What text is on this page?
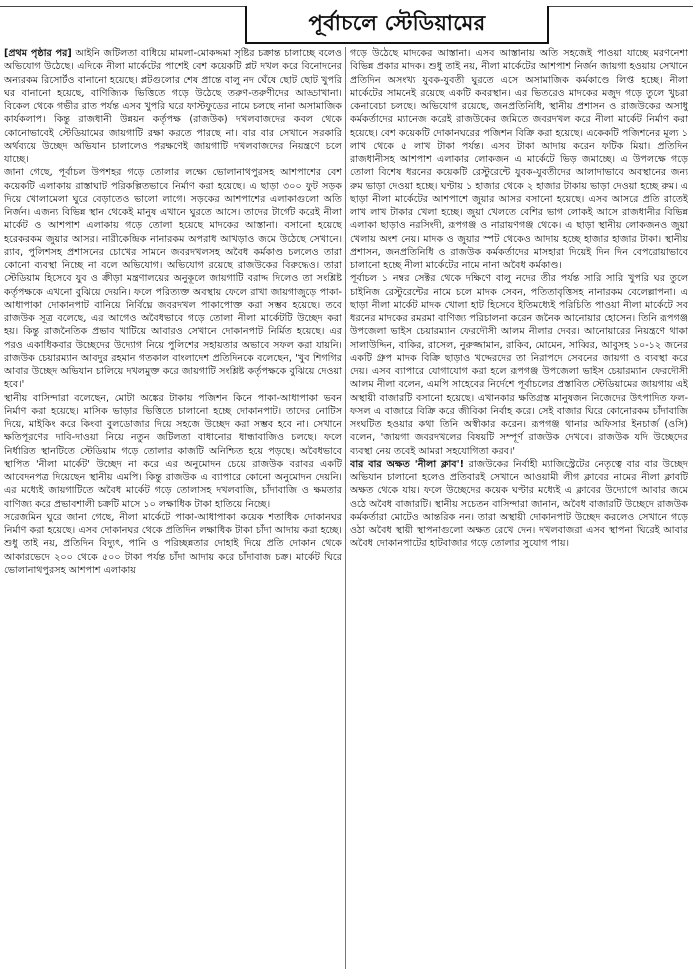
পূর্বাচলে স্টেডিয়ামের

[প্রথম পৃষ্ঠার পর] আইনি জটিলতা বাধিয়ে মামলা-মোকদ্দমা সৃষ্টির চক্রান্ত চালাচ্ছে বলেও অভিযোগ উঠেছে। এদিকে নীলা মার্কেটের পাশেই বেশ কয়েকটি প্লট দখল করে বিনোদনের অন্যরকম রিসোর্টও বানানো হয়েছে। প্লটগুলোর শেষ প্রান্তে বালু নদ ঘেঁষে ছোট ছোট খুপরি ঘর বানানো হয়েছে, বাণিজ্যিক ভিত্তিতে গড়ে উঠেছে তরুণ-তরুণীদের আড্ডাখানা। বিকেল থেকে গভীর রাত পর্যন্ত এসব খুপরি ঘরে ফাস্টফুডের নামে চলছে নানা অসামাজিক কার্যকলাপ। কিন্তু রাজধানী উন্নয়ন কর্তৃপক্ষ (রাজউক) দখলবাজদের কবল থেকে কোনোভাবেই স্টেডিয়ামের জায়গাটি রক্ষা করতে পারছে না। বার বার সেখানে সরকারি অর্থব্যয়ে উচ্ছেদ অভিযান চালালেও পরক্ষণেই জায়গাটি দখলবাজদের নিয়ন্ত্রণে চলে যাচ্ছে।

জানা গেছে, পূর্বাচল উপশহর গড়ে তোলার লক্ষ্যে ভোলানাথপুরসহ আশপাশের বেশ কয়েকটি এলাকায় রাস্তাঘাট পরিকল্পিতভাবে নির্মাণ করা হয়েছে। এ ছাড়া ৩০০ ফুট সড়ক দিয়ে খোলামেলা ঘুরে বেড়াতেও ভালো লাগে। সড়কের আশপাশের এলাকাগুলো অতি নির্জন। এজন্য বিভিন্ন স্থান থেকেই মানুষ এখানে ঘুরতে আসে। তাদের টার্গেট করেই নীলা মার্কেট ও আশপাশ এলাকায় গড়ে তোলা হয়েছে মাদকের আস্তানা। বসানো হয়েছে হরেকরকম জুয়ার আসর। নারীকেন্দ্রিক নানারকম অপরাধ আখড়াও জমে উঠেছে সেখানে। র‍্যাব, পুলিশসহ প্রশাসনের চোখের সামনে জবরদখলসহ অবৈধ কর্মকাণ্ড চললেও তারা কোনো ব্যবস্থা নিচ্ছে না বলে অভিযোগ। অভিযোগ রয়েছে রাজউকের বিরুদ্ধেও। তারা স্টেডিয়াম হিসেবে যুব ও ক্রীড়া মন্ত্রণালয়ের অনুকূলে জায়গাটি বরাদ্দ দিলেও তা সংশ্লিষ্ট কর্তৃপক্ষকে এখনো বুঝিয়ে দেয়নি। ফলে পরিত্যক্ত অবস্থায় ফেলে রাখা জায়গাজুড়ে পাকা-আধাপাকা দোকানপাট বানিয়ে নির্বিঘ্নে জবরদখল পাকাপোক্ত করা সম্ভব হয়েছে। তবে রাজউক সূত্র বলেছে, এর আগেও অবৈধভাবে গড়ে তোলা নীলা মার্কেটটি উচ্ছেদ করা হয়। কিন্তু রাজনৈতিক প্রভাব খাটিয়ে আবারও সেখানে দোকানপাট নির্মিত হয়েছে। এর পরও একাধিকবার উচ্ছেদের উদ্যোগ নিয়ে পুলিশের সহায়তার অভাবে সফল করা যায়নি। রাজউক চেয়ারম্যান আবদুর রহমান গতকাল বাংলাদেশ প্রতিদিনকে বলেছেন, 'খুব শিগগির আবার উচ্ছেদ অভিযান চালিয়ে দখলমুক্ত করে জায়গাটি সংশ্লিষ্ট কর্তৃপক্ষকে বুঝিয়ে দেওয়া হবে।'

স্থানীয় বাসিন্দারা বলেছেন, মোটা অঙ্কের টাকায় পজিশন কিনে পাকা-আধাপাকা ভবন নির্মাণ করা হয়েছে। মাসিক ভাড়ার ভিত্তিতে চালানো হচ্ছে দোকানপাট। তাদের নোটিস দিয়ে, মাইকিং করে কিংবা বুলডোজার দিয়ে সহজে উচ্ছেদ করা সম্ভব হবে না। সেখানে ক্ষতিপূরণের দাবি-দাওয়া নিয়ে নতুন জটিলতা বাধানোর ধান্ধাবাজিও চলছে। ফলে নির্ধারিত স্থানটিতে স্টেডিয়াম গড়ে তোলার কাজটি অনিশ্চিত হয়ে পড়ছে। অবৈধভাবে স্থাপিত 'নীলা মার্কেট' উচ্ছেদ না করে এর অনুমোদন চেয়ে রাজউক বরাবর একটি আবেদনপত্র দিয়েছেন স্থানীয় এমপি। কিন্তু রাজউক এ ব্যাপারে কোনো অনুমোদন দেয়নি। এর মধ্যেই জায়গাটিতে অবৈধ মার্কেট গড়ে তোলাসহ দখলবাজি, চাঁদাবাজি ও ক্ষমতার বাণিজ্য করে প্রভাবশালী চক্রটি মাসে ১০ লক্ষাধিক টাকা হাতিয়ে নিচ্ছে।

সরেজমিন ঘুরে জানা গেছে, নীলা মার্কেটে পাকা-আধাপাকা কয়েক শতাধিক দোকানঘর নির্মাণ করা হয়েছে। এসব দোকানঘর থেকে প্রতিদিন লক্ষাধিক টাকা চাঁদা আদায় করা হচ্ছে। শুধু তাই নয়, প্রতিদিন বিদ্যুৎ, পানি ও পরিচ্ছন্নতার দোহাই দিয়ে প্রতি দোকান থেকে আকারভেদে ২০০ থেকে ৫০০ টাকা পর্যন্ত চাঁদা আদায় করে চাঁদাবাজ চক্র। মার্কেট ঘিরে ভোলানাথপুরসহ আশপাশ এলাকায়

গড়ে উঠেছে মাদকের আস্তানা। এসব আস্তানায় অতি সহজেই পাওয়া যাচ্ছে মরণনেশা বিভিন্ন প্রকার মাদক। শুধু তাই নয়, নীলা মার্কেটের আশপাশ নির্জন জায়গা হওয়ায় সেখানে প্রতিদিন অসংখ্য যুবক-যুবতী ঘুরতে এসে অসামাজিক কর্মকাণ্ডে লিপ্ত হচ্ছে। নীলা মার্কেটের সামনেই রয়েছে একটি কবরস্থান। এর ভিতরেও মাদকের মজুদ গড়ে তুলে খুচরা কেনাবেচা চলছে। অভিযোগ রয়েছে, জনপ্রতিনিধি, স্থানীয় প্রশাসন ও রাজউকের অসাধু কর্মকর্তাদের ম্যানেজ করেই রাজউকের জমিতে জবরদখল করে নীলা মার্কেট নির্মাণ করা হয়েছে। বেশ কয়েকটি দোকানঘরের পজিশন বিক্রি করা হয়েছে। একেকটি পজিশনের মূল্য ১ লাখ থেকে ৫ লাখ টাকা পর্যন্ত। এসব টাকা আদায় করেন ফটিক মিয়া। প্রতিদিন রাজধানীসহ আশপাশ এলাকার লোকজন এ মার্কেটে ভিড় জমাচ্ছে। এ উপলক্ষে গড়ে তোলা বিশেষ ধরনের কয়েকটি রেস্টুরেন্টে যুবক-যুবতীদের আলাদাভাবে অবস্থানের জন্য রুম ভাড়া দেওয়া হচ্ছে। ঘণ্টায় ১ হাজার থেকে ২ হাজার টাকায় ভাড়া দেওয়া হচ্ছে রুম। এ ছাড়া নীলা মার্কেটের আশপাশে জুয়ার আসর বসানো হয়েছে। এসব আসরে প্রতি রাতেই লাখ লাখ টাকার খেলা হচ্ছে। জুয়া খেলতে বেশির ভাগ লোকই আসে রাজধানীর বিভিন্ন এলাকা ছাড়াও নরসিংদী, রূপগঞ্জ ও নারায়ণগঞ্জ থেকে। এ ছাড়া স্থানীয় লোকজনও জুয়া খেলায় অংশ নেয়। মাদক ও জুয়ার স্পট থেকেও আদায় হচ্ছে হাজার হাজার টাকা। স্থানীয় প্রশাসন, জনপ্রতিনিধি ও রাজউক কর্মকর্তাদের মাসহারা দিয়েই দিন দিন বেপরোয়াভাবে চালানো হচ্ছে নীলা মার্কেটের নামে নানা অবৈধ কর্মকাণ্ড।

পূর্বাচল ১ নম্বর সেক্টর থেকে দক্ষিণে বালু নদের তীর পর্যন্ত সারি সারি খুপরি ঘর তুলে চাইনিজ রেস্টুরেন্টের নামে চলে মাদক সেবন, পতিতাবৃত্তিসহ নানারকম বেলেল্লাপনা। এ ছাড়া নীলা মার্কেট মাদক খোলা হাট হিসেবে ইতিমধ্যেই পরিচিতি পাওয়া নীলা মার্কেটে সব ধরনের মাদকের রমরমা বাণিজ্য পরিচালনা করেন জনৈক আনোয়ার হোসেন। তিনি রূপগঞ্জ উপজেলা ভাইস চেয়ারম্যান ফেরদৌসী আলম নীলার দেবর। আনোয়ারের নিয়ন্ত্রণে থাকা সালাউদ্দিন, বাকির, রাসেল, নুরুজ্জামান, রাকিব, মোমেন, সাব্বির, আবুসহ ১০-১২ জনের একটি গ্রুপ মাদক বিক্রি ছাড়াও খদ্দেরদের তা নিরাপদে সেবনের জায়গা ও ব্যবস্থা করে দেয়। এসব ব্যাপারে যোগাযোগ করা হলে রূপগঞ্জ উপজেলা ভাইস চেয়ারম্যান ফেরদৌসী আলম নীলা বলেন, এমপি সাহেবের নির্দেশে পূর্বাচলের প্রস্তাবিত স্টেডিয়ামের জায়গায় এই অস্থায়ী বাজারটি বসানো হয়েছে। এখানকার ক্ষতিগ্রস্ত মানুষজন নিজেদের উৎপাদিত ফল-ফসল এ বাজারে বিক্রি করে জীবিকা নির্বাহ করে। সেই বাজার ঘিরে কোনোরকম চাঁদাবাজি সংঘটিত হওয়ার কথা তিনি অস্বীকার করেন। রূপগঞ্জ থানার অফিসার ইনচার্জ (ওসি) বলেন, 'জায়গা জবরদখলের বিষয়টি সম্পূর্ণ রাজউক দেখবে। রাজউক যদি উচ্ছেদের ব্যবস্থা নেয় তবেই আমরা সহযোগিতা করব।'

বার বার অক্ষত 'নীলা ক্লাব'! রাজউকের নির্বাহী ম্যাজিস্ট্রেটের নেতৃত্বে বার বার উচ্ছেদ অভিযান চালানো হলেও প্রতিবারই সেখানে আওয়ামী লীগ ক্লাবের নামের নীলা ক্লাবটি অক্ষত থেকে যায়। ফলে উচ্ছেদের কয়েক ঘণ্টার মধ্যেই এ ক্লাবের উদ্যোগে আবার জমে ওঠে অবৈধ বাজারটি। স্থানীয় সচেতন বাসিন্দারা জানান, অবৈধ বাজারটি উচ্ছেদে রাজউক কর্মকর্তারা মোটেও আন্তরিক নন। তারা অস্থায়ী দোকানপাট উচ্ছেদ করলেও সেখানে গড়ে ওঠা অবৈধ স্থায়ী স্থাপনাগুলো অক্ষত রেখে দেন। দখলবাজরা এসব স্থাপনা ঘিরেই আবার অবৈধ দোকানপাটের হাটবাজার গড়ে তোলার সুযোগ পায়।
